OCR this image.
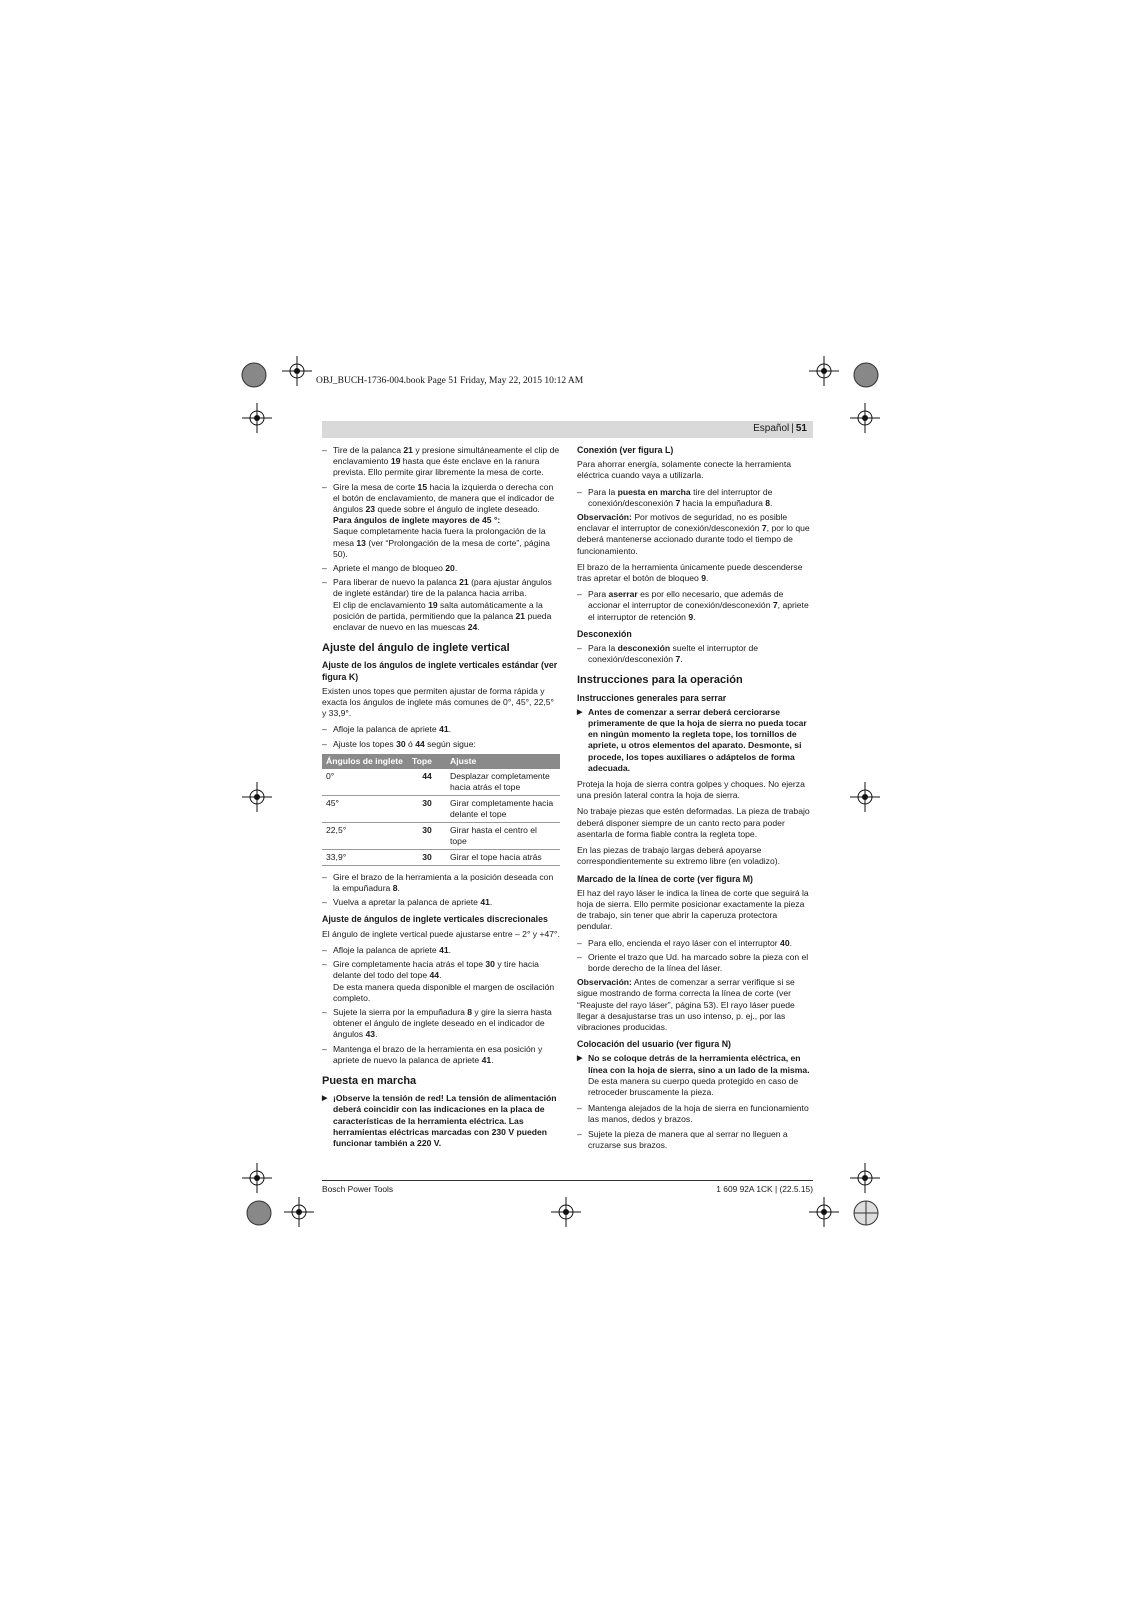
OBJ_BUCH-1736-004.book Page 51 Friday, May 22, 2015 10:12 AM
Español | 51
– Tire de la palanca 21 y presione simultáneamente el clip de enclavamiento 19 hasta que éste enclave en la ranura prevista. Ello permite girar libremente la mesa de corte.
– Gire la mesa de corte 15 hacia la izquierda o derecha con el botón de enclavamiento, de manera que el indicador de ángulos 23 quede sobre el ángulo de inglete deseado.
Para ángulos de inglete mayores de 45 °:
Saque completamente hacia fuera la prolongación de la mesa 13 (ver “Prolongación de la mesa de corte”, página 50).
– Apriete el mango de bloqueo 20.
– Para liberar de nuevo la palanca 21 (para ajustar ángulos de inglete estándar) tire de la palanca hacia arriba.
El clip de enclavamiento 19 salta automáticamente a la posición de partida, permitiendo que la palanca 21 pueda enclavar de nuevo en las muescas 24.
Ajuste del ángulo de inglete vertical
Ajuste de los ángulos de inglete verticales estándar (ver figura K)

Existen unos topes que permiten ajustar de forma rápida y exacta los ángulos de inglete más comunes de 0°, 45°, 22,5° y 33,9°.

– Afloje la palanca de apriete 41.
– Ajuste los topes 30 ó 44 según sigue:
Ángulos de inglete	Tope	Ajuste
0°	44	Desplazar completamente hacia atrás el tope
45°	30	Girar completamente hacia delante el tope
22,5°	30	Girar hasta el centro el tope
33,9°	30	Girar el tope hacia atrás
– Gire el brazo de la herramienta a la posición deseada con la empuñadura 8.
– Vuelva a apretar la palanca de apriete 41.
Ajuste de ángulos de inglete verticales discrecionales

El ángulo de inglete vertical puede ajustarse entre – 2° y +47°.

– Afloje la palanca de apriete 41.
– Gire completamente hacia atrás el tope 30 y tire hacia delante del todo del tope 44.
De esta manera queda disponible el margen de oscilación completo.
– Sujete la sierra por la empuñadura 8 y gire la sierra hasta obtener el ángulo de inglete deseado en el indicador de ángulos 43.
– Mantenga el brazo de la herramienta en esa posición y apriete de nuevo la palanca de apriete 41.
Puesta en marcha
▶ ¡Observe la tensión de red! La tensión de alimentación deberá coincidir con las indicaciones en la placa de características de la herramienta eléctrica. Las herramientas eléctricas marcadas con 230 V pueden funcionar también a 220 V.
Conexión (ver figura L)

Para ahorrar energía, solamente conecte la herramienta eléctrica cuando vaya a utilizarla.

– Para la puesta en marcha tire del interruptor de conexión/desconexión 7 hacia la empuñadura 8.

Observación: Por motivos de seguridad, no es posible enclavar el interruptor de conexión/desconexión 7, por lo que deberá mantenerse accionado durante todo el tiempo de funcionamiento.

El brazo de la herramienta únicamente puede descenderse tras apretar el botón de bloqueo 9.

– Para aserrar es por ello necesario, que además de accionar el interruptor de conexión/desconexión 7, apriete el interruptor de retención 9.
Desconexión
– Para la desconexión suelte el interruptor de conexión/desconexión 7.
Instrucciones para la operación
Instrucciones generales para serrar
▶ Antes de comenzar a serrar deberá cerciorarse primeramente de que la hoja de sierra no pueda tocar en ningún momento la regleta tope, los tornillos de apriete, u otros elementos del aparato. Desmonte, si procede, los topes auxiliares o adáptelos de forma adecuada.

Proteja la hoja de sierra contra golpes y choques. No ejerza una presión lateral contra la hoja de sierra.

No trabaje piezas que estén deformadas. La pieza de trabajo deberá disponer siempre de un canto recto para poder asentarla de forma fiable contra la regleta tope.

En las piezas de trabajo largas deberá apoyarse correspondientemente su extremo libre (en voladizo).

Marcado de la línea de corte (ver figura M)

El haz del rayo láser le indica la línea de corte que seguirá la hoja de sierra. Ello permite posicionar exactamente la pieza de trabajo, sin tener que abrir la caperuza protectora pendular.

– Para ello, encienda el rayo láser con el interruptor 40.
– Oriente el trazo que Ud. ha marcado sobre la pieza con el borde derecho de la línea del láser.

Observación: Antes de comenzar a serrar verifique si se sigue mostrando de forma correcta la línea de corte (ver “Reajuste del rayo láser”, página 53). El rayo láser puede llegar a desajustarse tras un uso intenso, p. ej., por las vibraciones producidas.

Colocación del usuario (ver figura N)
▶ No se coloque detrás de la herramienta eléctrica, en línea con la hoja de sierra, sino a un lado de la misma. De esta manera su cuerpo queda protegido en caso de retroceder bruscamente la pieza.
– Mantenga alejados de la hoja de sierra en funcionamiento las manos, dedos y brazos.
– Sujete la pieza de manera que al serrar no lleguen a cruzarse sus brazos.
Bosch Power Tools	1 609 92A 1CK | (22.5.15)
